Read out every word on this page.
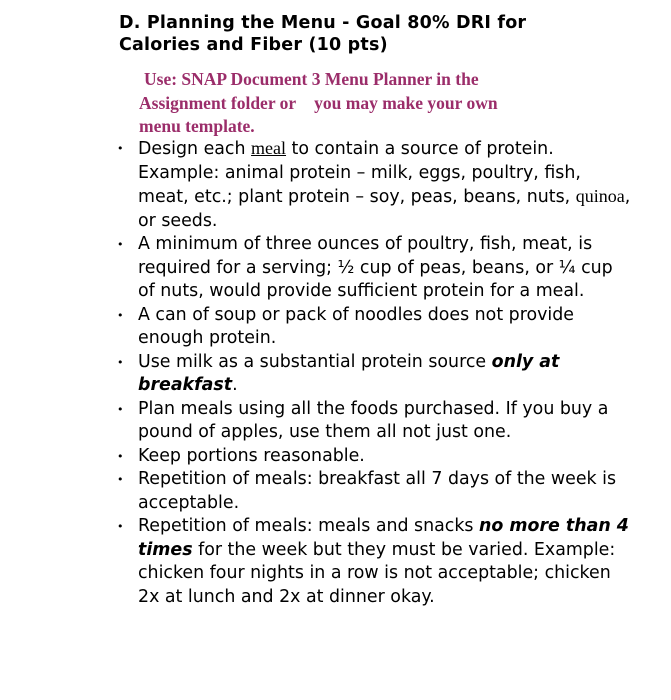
D. Planning the Menu - Goal 80% DRI for
Calories and Fiber (10 pts)
Use: SNAP Document 3 Menu Planner in the
Assignment folder or you may make your own
menu template.
• Design each meal to contain a source of protein. Example: animal protein – milk, eggs, poultry, fish, meat, etc.; plant protein – soy, peas, beans, nuts, quinoa, or seeds.
• A minimum of three ounces of poultry, fish, meat, is required for a serving; ½ cup of peas, beans, or ¼ cup of nuts, would provide sufficient protein for a meal.
• A can of soup or pack of noodles does not provide enough protein.
• Use milk as a substantial protein source only at breakfast.
• Plan meals using all the foods purchased. If you buy a pound of apples, use them all not just one.
• Keep portions reasonable.
• Repetition of meals: breakfast all 7 days of the week is acceptable.
• Repetition of meals: meals and snacks no more than 4 times for the week but they must be varied. Example: chicken four nights in a row is not acceptable; chicken 2x at lunch and 2x at dinner okay.
